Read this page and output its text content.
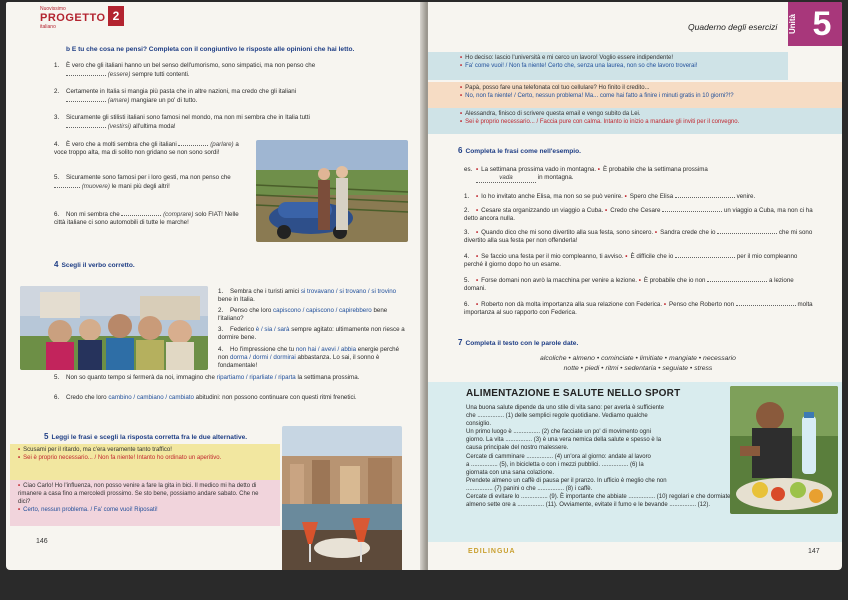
Nuovissimo
PROGETTO
italiano
2
b E tu che cosa ne pensi? Completa con il congiuntivo le risposte alle opinioni che hai letto.
1. È vero che gli italiani hanno un bel senso dell'umorismo, sono simpatici, ma non penso che
(essere) sempre tutti contenti.
2. Certamente in Italia si mangia più pasta che in altre nazioni, ma credo che gli italiani
(amare) mangiare un po' di tutto.
3. Sicuramente gli stilisti italiani sono famosi nel mondo, ma non mi sembra che in Italia tutti
(vestirsi) all'ultima moda!
4. È vero che a molti sembra che gli italiani	(parlare) a voce troppo alta, ma di solito non gridano se non sono sordi!
5. Sicuramente sono famosi per i loro gesti, ma non penso che  (muovere) le mani più degli altri!
6. Non mi sembra che	(comprare) solo FIAT! Nelle città italiane ci sono automobili di tutte le marche!
4 Scegli il verbo corretto.
1. Sembra che i turisti amici si trovavano / si trovano / si trovino bene in Italia.
2. Penso che loro capiscono / capiscono / capirebbero bene l'italiano?
3. Federico è / sia / sarà sempre agitato: ultimamente non riesce a dormire bene.
4. Ho l'impressione che tu non hai / avevi / abbia energie perché non dorma / dormi / dormirai abbastanza. Lo sai, il sonno è fondamentale!
5. Non so quanto tempo si fermerà da noi, immagino che ripartiamo / riparliate / riparta la settimana prossima.
6. Credo che loro cambino / cambiano / cambiato abitudini: non possono continuare con questi ritmi frenetici.
5 Leggi le frasi e scegli la risposta corretta fra le due alternative.
• Scusami per il ritardo, ma c'era veramente tanto traffico!
• Sei è proprio necessario... / Non fa niente! Intanto ho ordinato un aperitivo.
• Ciao Carlo! Ho l'influenza, non posso venire a fare la gita in bici. Il medico mi ha detto di rimanere a casa fino a mercoledì prossimo. Se sto bene, possiamo andare sabato. Che ne dici?
• Certo, nessun problema. / Fa' come vuoi! Riposati!
146
Quaderno degli esercizi Unità 5
• Ho deciso: lascio l'università e mi cerco un lavoro! Voglio essere indipendente!
• Fa' come vuoi! / Non fa niente! Certo che, senza una laurea, non so che lavoro troverai!
• Papà, posso fare una telefonata col tuo cellulare? Ho finito il credito...
• No, non fa niente! / Certo, nessun problema! Ma... come hai fatto a finire i minuti gratis in 10 giorni?!?
• Alessandra, finisco di scrivere questa email e vengo subito da Lei.
• Sei è proprio necessario... / Faccia pure con calma. Intanto io inizio a mandare gli inviti per il convegno.
6 Completa le frasi come nell'esempio.
es. • La settimana prossima vado in montagna. • È probabile che la settimana prossima
vada	in montagna.
1. • Io ho invitato anche Elisa, ma non so se può venire. • Spero che Elisa	venire.
2. • Cesare sta organizzando un viaggio a Cuba. • Credo che Cesare	un viaggio a Cuba, ma non ci ha detto ancora nulla.
3. • Quando dico che mi sono divertito alla sua festa, sono sincero. • Sandra crede che io	che mi sono divertito alla sua festa per non offenderla!
4. • Se faccio una festa per il mio compleanno, ti avviso. • È difficile che io	per il mio compleanno perché il giorno dopo ho un esame.
5. • Forse domani non avrò la macchina per venire a lezione. • È probabile che io non	a lezione domani.
6. • Roberto non dà molta importanza alla sua relazione con Federica. • Penso che Roberto non	molta importanza al suo rapporto con Federica.
7 Completa il testo con le parole date.
alcoliche • almeno • cominciate • limitiate • mangiate • necessario
notte • piedi • ritmi • sedentaria • seguiate • stress
ALIMENTAZIONE E SALUTE NELLO SPORT
Una buona salute dipende da uno stile di vita sano: per averla è sufficiente
che ................ (1) delle semplici regole quotidiane. Vediamo qualche
consiglio.
Un primo luogo è ................ (2) che facciate un po' di movimento ogni
giorno. La vita ................ (3) è una vera nemica della salute e spesso è la
causa principale del nostro malessere.
Cercate di camminare ................ (4) un'ora al giorno: andate al lavoro
a ................ (5), in bicicletta o con i mezzi pubblici. ................ (6) la
giornata con una sana colazione.
Prendete almeno un caffè di pausa per il pranzo. In ufficio è meglio che non
................ (7) panini o che ................ (8) i caffè.
Cercate di evitare lo ................ (9). È importante che abbiate ................ (10) regolari e che dormiate
almeno sette ore a ................ (11). Ovviamente, evitate il fumo e le bevande ................ (12).
EDILINGUA	147
